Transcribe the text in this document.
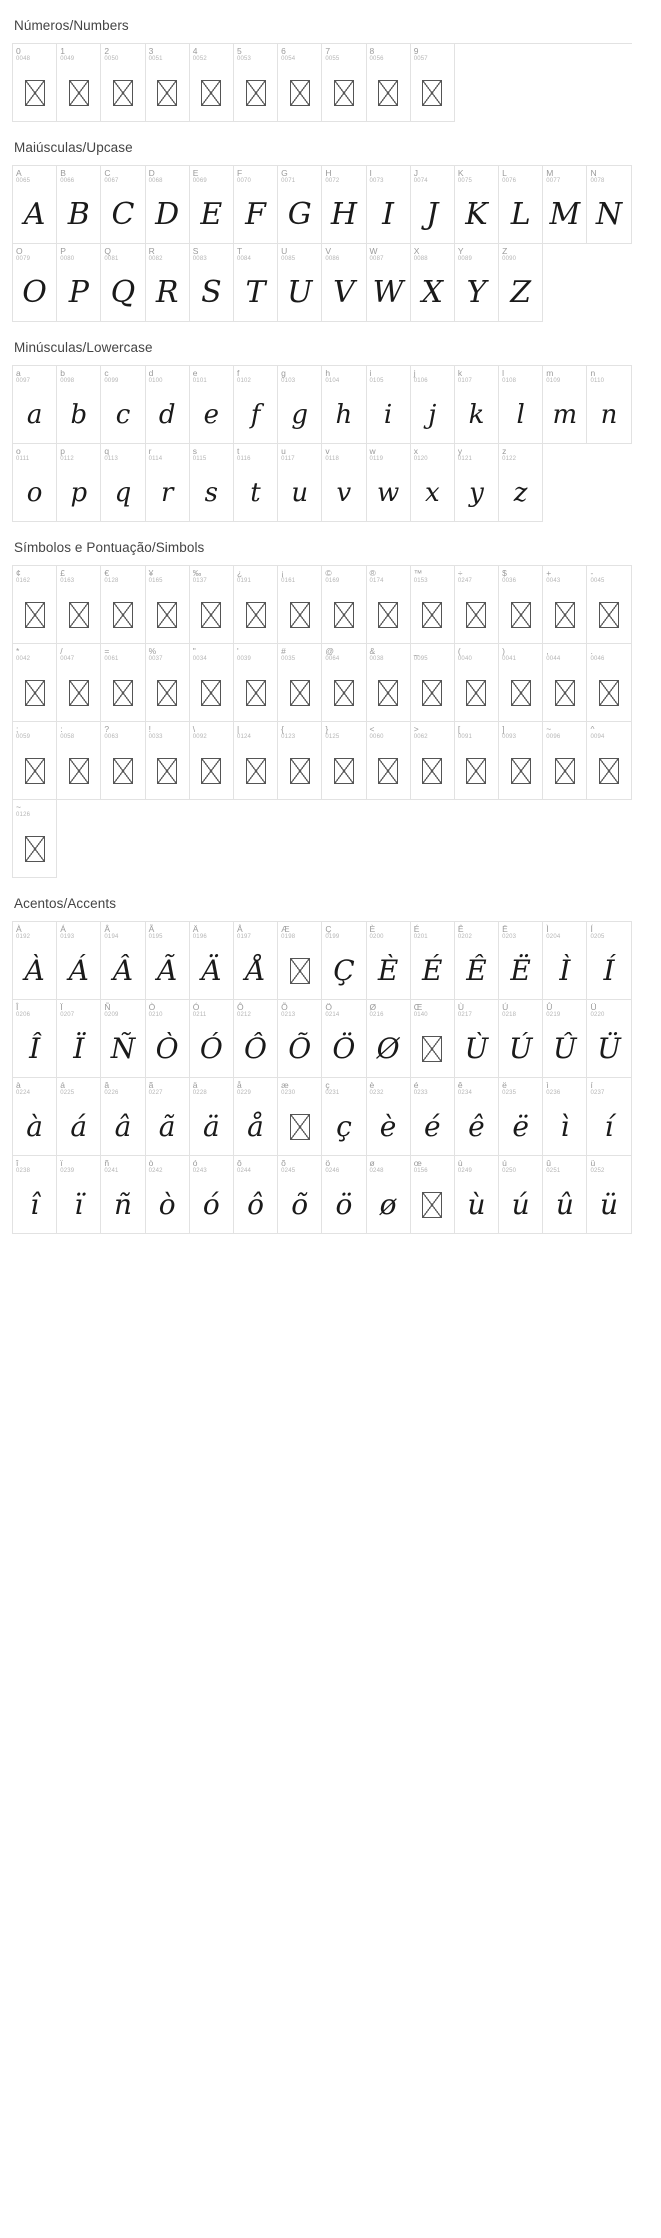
Números/Numbers
0
0048
1
0049
2
0050
3
0051
4
0052
5
0053
6
0054
7
0055
8
0056
9
0057
Maiúsculas/Upcase
A
0065
A
B
0066
B
C
0067
C
D
0068
D
E
0069
E
F
0070
F
G
0071
G
H
0072
H
I
0073
I
J
0074
J
K
0075
K
L
0076
L
M
0077
M
N
0078
N
O
0079
O
P
0080
P
Q
0081
Q
R
0082
R
S
0083
S
T
0084
T
U
0085
U
V
0086
V
W
0087
W
X
0088
X
Y
0089
Y
Z
0090
Z
Minúsculas/Lowercase
a
0097
a
b
0098
b
c
0099
c
d
0100
d
e
0101
e
f
0102
f
g
0103
g
h
0104
h
i
0105
i
j
0106
j
k
0107
k
l
0108
l
m
0109
m
n
0110
n
o
0111
o
p
0112
p
q
0113
q
r
0114
r
s
0115
s
t
0116
t
u
0117
u
v
0118
v
w
0119
w
x
0120
x
y
0121
y
z
0122
z
Símbolos e Pontuação/Simbols
¢
0162
£
0163
€
0128
¥
0165
‰
0137
¿
0191
¡
0161
©
0169
®
0174
™
0153
÷
0247
$
0036
+
0043
-
0045
*
0042
/
0047
=
0061
%
0037
"
0034
'
0039
#
0035
@
0064
&
0038
_
0095
(
0040
)
0041
,
0044
.
0046
;
0059
:
0058
?
0063
!
0033
\
0092
|
0124
{
0123
}
0125
<
0060
>
0062
[
0091
]
0093
~
0096
^
0094
~
0126
Acentos/Accents
À
0192
À
Á
0193
Á
Â
0194
Â
Ã
0195
Ã
Ä
0196
Ä
Å
0197
Å
Æ
0198
Ç
0199
Ç
È
0200
È
É
0201
É
Ê
0202
Ê
Ë
0203
Ë
Ì
0204
Ì
Í
0205
Í
Î
0206
Î
Ï
0207
Ï
Ñ
0209
Ñ
Ò
0210
Ò
Ó
0211
Ó
Ô
0212
Ô
Õ
0213
Õ
Ö
0214
Ö
Ø
0216
Ø
Œ
0140
Ù
0217
Ù
Ú
0218
Ú
Û
0219
Û
Ü
0220
Ü
à
0224
à
á
0225
á
â
0226
â
ã
0227
ã
ä
0228
ä
å
0229
å
æ
0230
ç
0231
ç
è
0232
è
é
0233
é
ê
0234
ê
ë
0235
ë
ì
0236
ì
í
0237
í
î
0238
î
ï
0239
ï
ñ
0241
ñ
ò
0242
ò
ó
0243
ó
ô
0244
ô
õ
0245
õ
ö
0246
ö
ø
0248
ø
œ
0156
ù
0249
ù
ú
0250
ú
û
0251
û
ü
0252
ü
